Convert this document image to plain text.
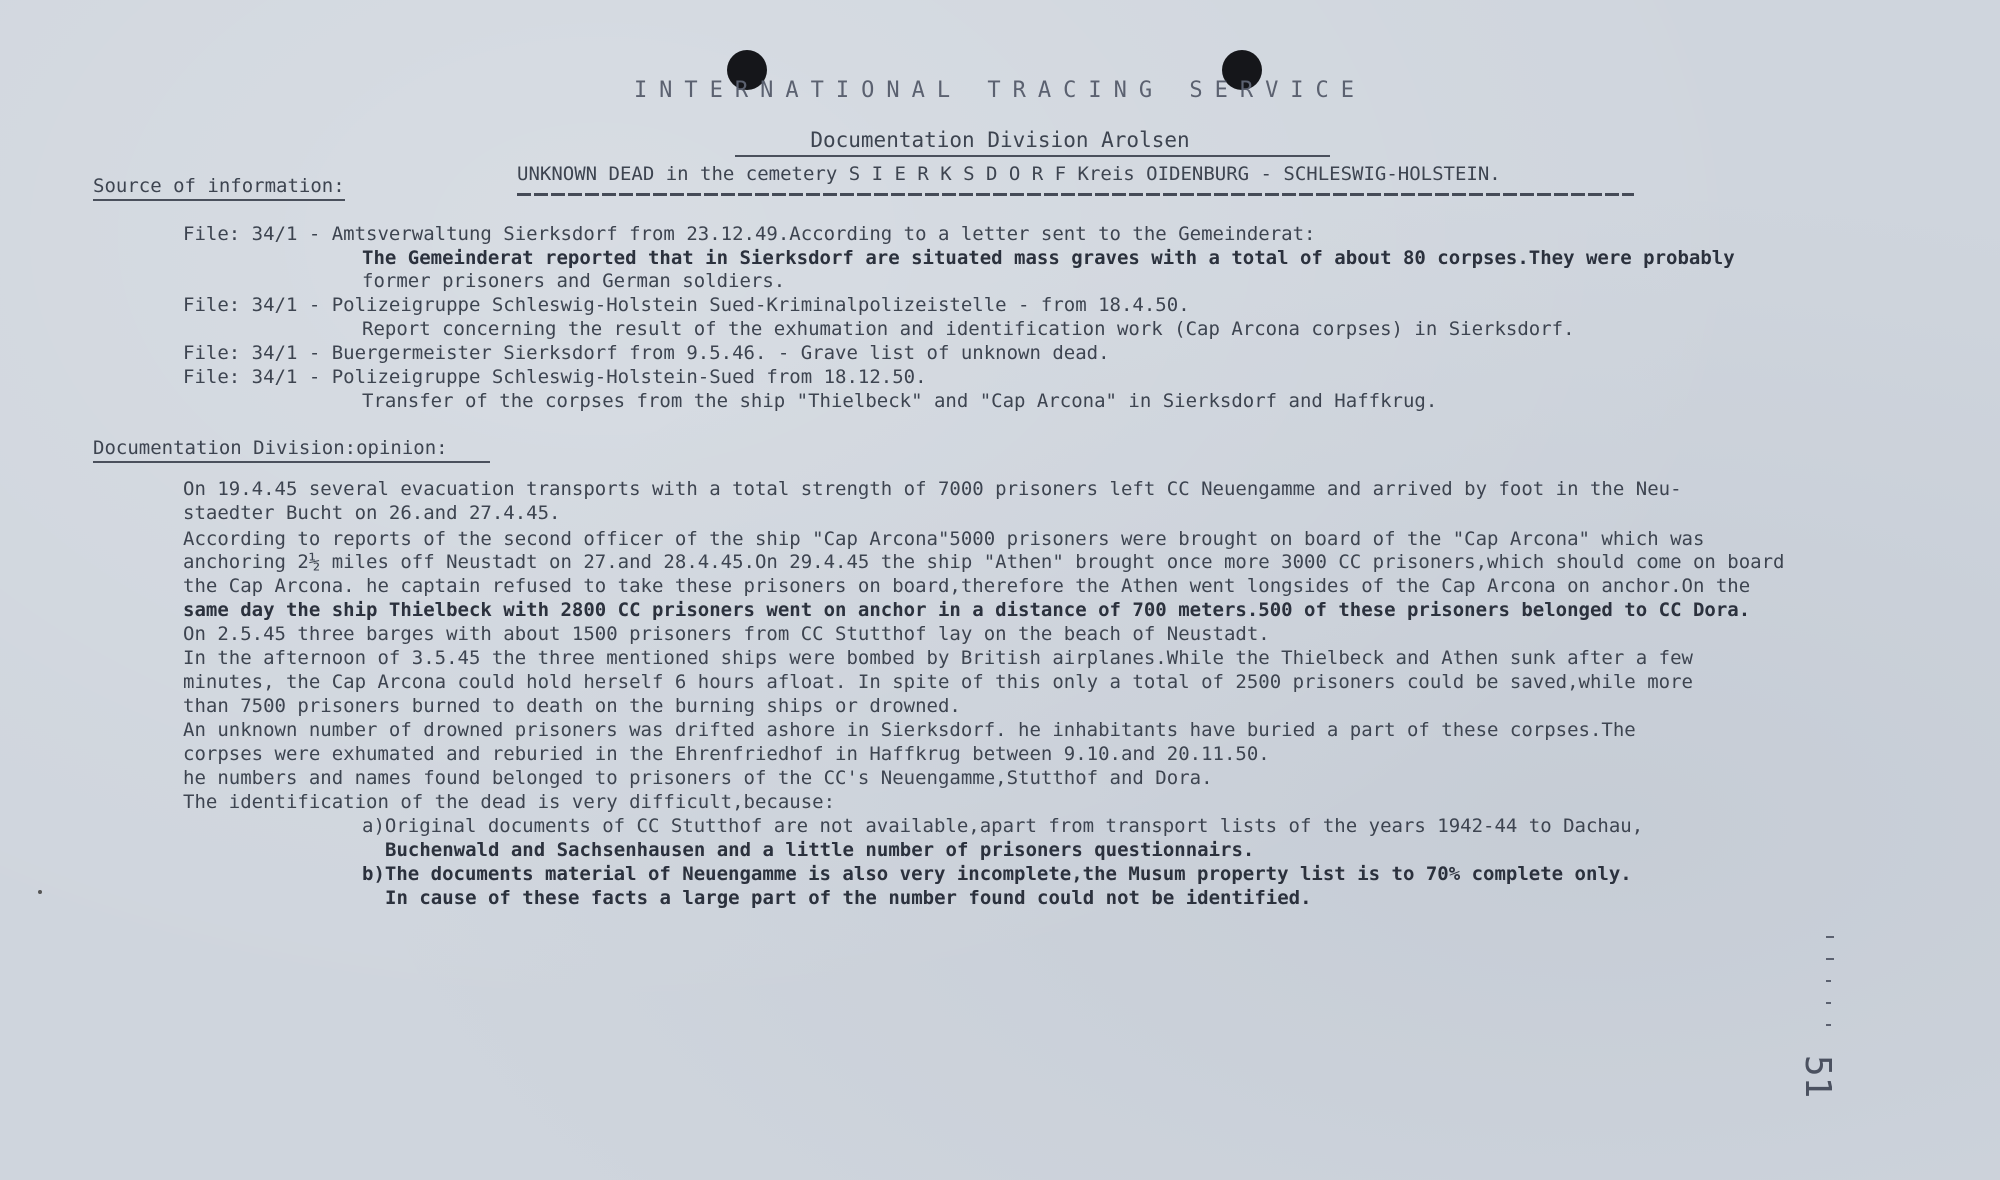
INTERNATIONAL TRACING SERVICE
Documentation Division Arolsen
UNKNOWN DEAD in the cemetery S I E R K S D O R F Kreis OIDENBURG - SCHLESWIG-HOLSTEIN.
Source of information:
File: 34/1 - Amtsverwaltung Sierksdorf from 23.12.49.According to a letter sent to the Gemeinderat:
The Gemeinderat reported that in Sierksdorf are situated mass graves with a total of about 80 corpses.They were probably
former prisoners and German soldiers.
File: 34/1 - Polizeigruppe Schleswig-Holstein Sued-Kriminalpolizeistelle - from 18.4.50.
Report concerning the result of the exhumation and identification work (Cap Arcona corpses) in Sierksdorf.
File: 34/1 - Buergermeister Sierksdorf from 9.5.46. - Grave list of unknown dead.
File: 34/1 - Polizeigruppe Schleswig-Holstein-Sued from 18.12.50.
Transfer of the corpses from the ship "Thielbeck" and "Cap Arcona" in Sierksdorf and Haffkrug.
Documentation Division:opinion:
On 19.4.45 several evacuation transports with a total strength of 7000 prisoners left CC Neuengamme and arrived by foot in the Neu-
staedter Bucht on 26.and 27.4.45.
According to reports of the second officer of the ship "Cap Arcona"5000 prisoners were brought on board of the "Cap Arcona" which was
anchoring 2½ miles off Neustadt on 27.and 28.4.45.On 29.4.45 the ship "Athen" brought once more 3000 CC prisoners,which should come on board
the Cap Arcona. he captain refused to take these prisoners on board,therefore the Athen went longsides of the Cap Arcona on anchor.On the
same day the ship Thielbeck with 2800 CC prisoners went on anchor in a distance of 700 meters.500 of these prisoners belonged to CC Dora.
On 2.5.45 three barges with about 1500 prisoners from CC Stutthof lay on the beach of Neustadt.
In the afternoon of 3.5.45 the three mentioned ships were bombed by British airplanes.While the Thielbeck and Athen sunk after a few
minutes, the Cap Arcona could hold herself 6 hours afloat. In spite of this only a total of 2500 prisoners could be saved,while more
than 7500 prisoners burned to death on the burning ships or drowned.
An unknown number of drowned prisoners was drifted ashore in Sierksdorf. he inhabitants have buried a part of these corpses.The
corpses were exhumated and reburied in the Ehrenfriedhof in Haffkrug between 9.10.and 20.11.50.
he numbers and names found belonged to prisoners of the CC's Neuengamme,Stutthof and Dora.
The identification of the dead is very difficult,because:
a)Original documents of CC Stutthof are not available,apart from transport lists of the years 1942-44 to Dachau,
Buchenwald and Sachsenhausen and a little number of prisoners questionnairs.
b)The documents material of Neuengamme is also very incomplete,the Musum property list is to 70% complete only.
In cause of these facts a large part of the number found could not be identified.
51
